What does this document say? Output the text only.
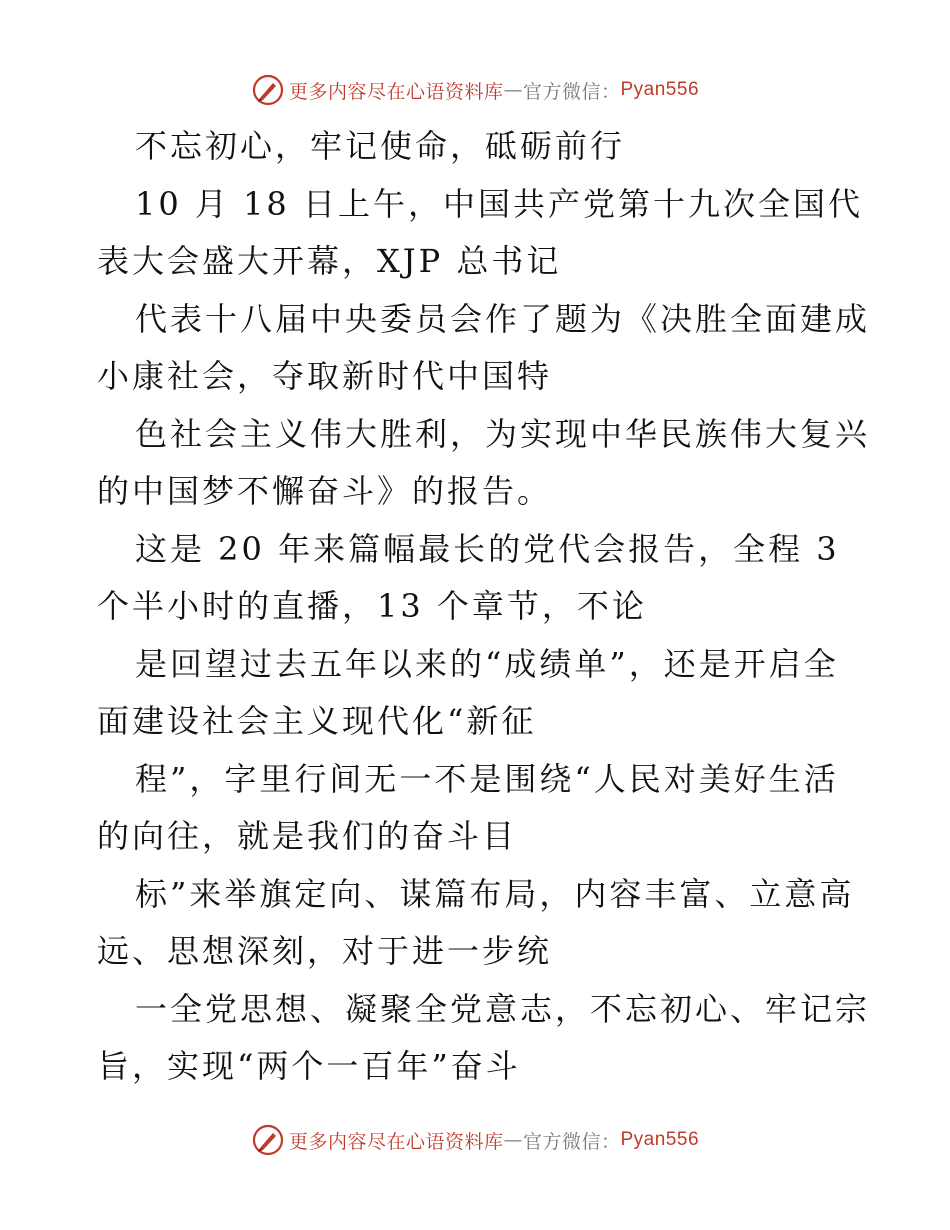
更多内容尽在心语资料库 — 官方微信： Pyan556
不忘初心，牢记使命，砥砺前行
10 月 18 日上午，中国共产党第十九次全国代
表大会盛大开幕，XJP 总书记
代表十八届中央委员会作了题为《决胜全面建成
小康社会，夺取新时代中国特
色社会主义伟大胜利，为实现中华民族伟大复兴
的中国梦不懈奋斗》的报告。
这是 20 年来篇幅最长的党代会报告，全程 3
个半小时的直播，13 个章节，不论
是回望过去五年以来的“成绩单”，还是开启全
面建设社会主义现代化“新征
程”，字里行间无一不是围绕“人民对美好生活
的向往，就是我们的奋斗目
标”来举旗定向、谋篇布局，内容丰富、立意高
远、思想深刻，对于进一步统
一全党思想、凝聚全党意志，不忘初心、牢记宗
旨，实现“两个一百年”奋斗
更多内容尽在心语资料库 — 官方微信： Pyan556
